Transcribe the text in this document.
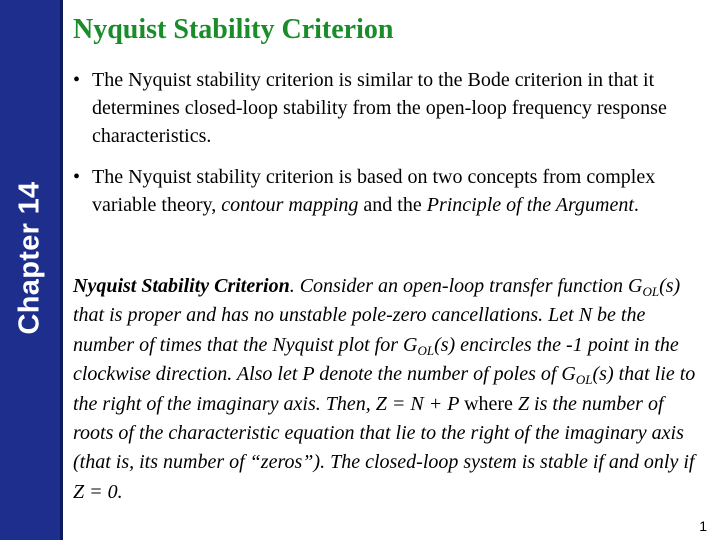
Chapter 14
Nyquist Stability Criterion
• The Nyquist stability criterion is similar to the Bode criterion in that it determines closed-loop stability from the open-loop frequency response characteristics.
• The Nyquist stability criterion is based on two concepts from complex variable theory, contour mapping and the Principle of the Argument.

Nyquist Stability Criterion. Consider an open-loop transfer function $G_{OL}(s)$ that is proper and has no unstable pole-zero cancellations. Let N be the number of times that the Nyquist plot for $G_{OL}(s)$ encircles the -1 point in the clockwise direction. Also let P denote the number of poles of $G_{OL}(s)$ that lie to the right of the imaginary axis. Then, Z = N + P where Z is the number of roots of the characteristic equation that lie to the right of the imaginary axis (that is, its number of “zeros”). The closed-loop system is stable if and only if Z = 0.

1
